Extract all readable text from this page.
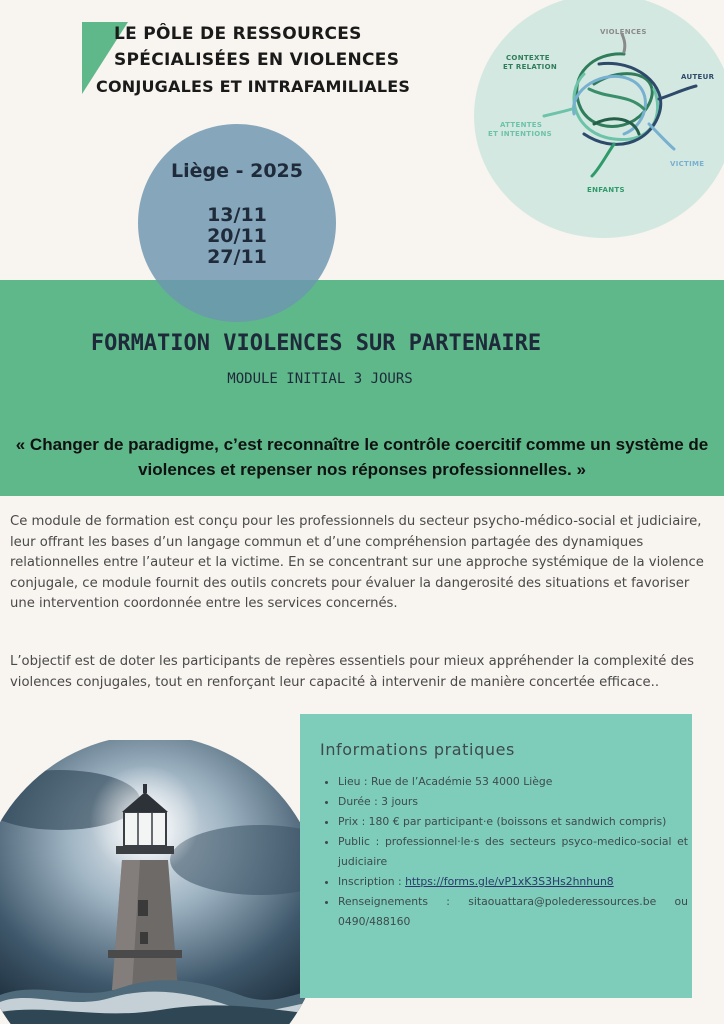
LE PÔLE DE RESSOURCES
SPÉCIALISÉES EN VIOLENCES
CONJUGALES ET INTRAFAMILIALES
VIOLENCES
CONTEXTE
ET RELATION
AUTEUR
ATTENTES
ET INTENTIONS
VICTIME
ENFANTS
Liège - 2025
13/11
20/11
27/11
FORMATION VIOLENCES SUR PARTENAIRE
MODULE INITIAL 3 JOURS
« Changer de paradigme, c’est reconnaître le contrôle coercitif comme un système de violences et repenser nos réponses professionnelles. »

Ce module de formation est conçu pour les professionnels du secteur psycho-médico-social et judiciaire, leur offrant les bases d’un langage commun et d’une compréhension partagée des dynamiques relationnelles entre l’auteur et la victime. En se concentrant sur une approche systémique de la violence conjugale, ce module fournit des outils concrets pour évaluer la dangerosité des situations et favoriser une intervention coordonnée entre les services concernés.

L’objectif est de doter les participants de repères essentiels pour mieux appréhender la complexité des violences conjugales, tout en renforçant leur capacité à intervenir de manière concertée efficace..

Informations pratiques
• Lieu : Rue de l’Académie 53 4000 Liège
• Durée : 3 jours
• Prix : 180 € par participant·e (boissons et sandwich compris)
• Public : professionnel·le·s des secteurs psyco-medico-social et judiciaire
• Inscription : https://forms.gle/vP1xK3S3Hs2hnhun8
• Renseignements : sitaouattara@polederessources.be ou 0490/488160
